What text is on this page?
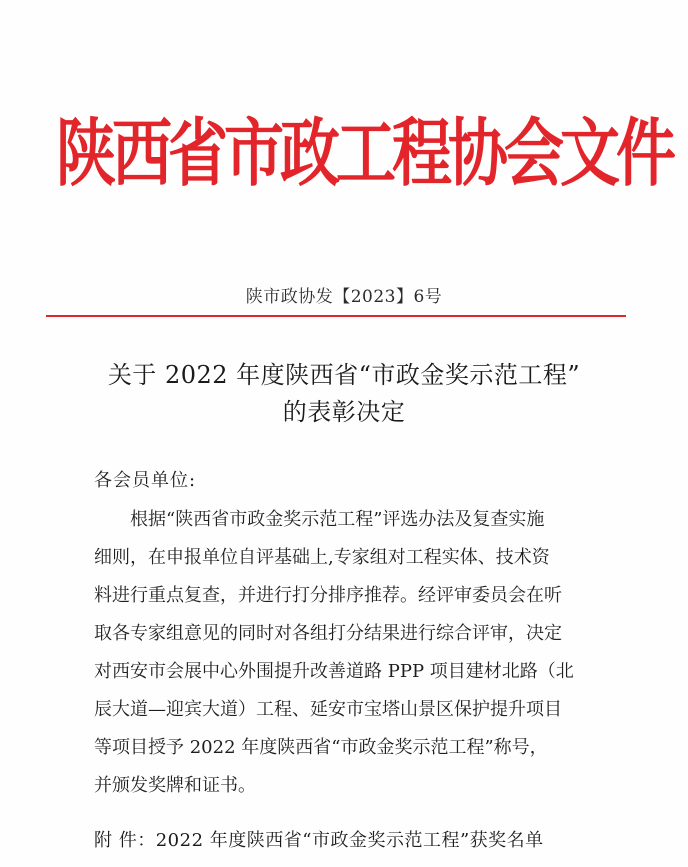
陕西省市政工程协会文件
陕市政协发【2023】6号
关于 2022 年度陕西省“市政金奖示范工程”
的表彰决定
各会员单位:
根据“陕西省市政金奖示范工程”评选办法及复查实施
细则，在申报单位自评基础上,专家组对工程实体、技术资
料进行重点复查，并进行打分排序推荐。经评审委员会在听
取各专家组意见的同时对各组打分结果进行综合评审，决定
对西安市会展中心外围提升改善道路 PPP 项目建材北路（北
辰大道—迎宾大道）工程、延安市宝塔山景区保护提升项目
等项目授予 2022 年度陕西省“市政金奖示范工程”称号，
附 件：2022 年度陕西省“市政金奖示范工程”获奖名单
并颁发奖牌和证书。
